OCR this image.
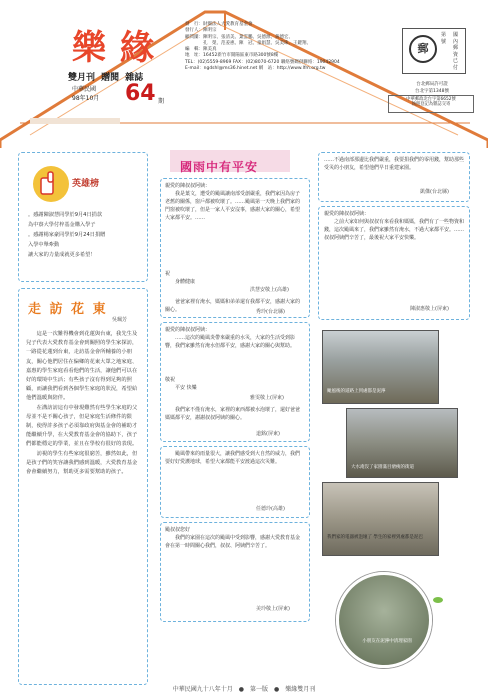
樂緣
雙月刊 贈閱 雜誌
中華民國
98年10月 64 期
發　行：財團法人大愛教育基金會
發行人：陳明宗
顧問團：陳明宗、張清美、葉雲鵬、吳德源、黃德宏、
　　　　孔　榮、范姜惠、陳　冠、童娟慧、吳美珠、王鍵翔、
編　輯：陳美真
地　址：16452新竹市開陽區東市路300號8樓
TEL：(02)5559-8969 FAX：(02)8070-6720 聯絡號碼供聯絡：19042904
E-mail：ngdshl@ms36.hinet.net 網　站：http://www.lfm.org.tw
郵
第 號
國內郵資已付
台北郵局許可證
台北字第1348號
中華郵政北台字第6652號
執照登記為雜誌交寄
英雄榜
。感謝陳淑慧同學於9月4日捐款
為中寮大學付梓基金購入學子
。感謝楊家豪同學於9月24日捐贈
入學中舉牽動
讓大家的力量成就更多希望！
走 訪 花 東
吳珮芳
　　這是一次難得機會到花蓮與台東，我先生及兒子代表大愛教育基金會到關照的學生家探訪，一路從花蓮到台東，走訪基金會所輔養的小朋友，關心他們居住在偏鄉的花東大眾之地家庭、嘉惠的學生家庭看看他們的生活，讓他們可以在好的環境中生活；有些孩子沒有得到足夠的照顧，而讓我們看到各個學生家庭的狀況，希望給他們溫暖與陪伴。
　　在溝訪訪這有中發現難然有些學生家庭的父母並不是不關心孩子，但是家庭生活條件的限制，使得許多孩子必須靠政府與基金會的補助才能繼續升學，在大愛教育基金會的協助下，孩子們都能穩定的學業，並且在學校有很好的表現。
　　訪視的學生有些家庭很窮苦，雖然如此，但是孩子們的笑容讓我們感到溫暖，大愛教育基金會會繼續努力，幫助更多需要幫助的孩子。
國雨中有平安
親愛的陳叔叔阿姨：
　　我是葉文，遭受的颱風讓南部受創嚴重，我們家因為房子老舊的關係，窗戶都被吹壞了。……颱風第一天晚上我們家的門窗被吹壞了，但是一家人平安沒事，感謝大家的關心，希望大家都平安。……
祝
　　身體健康
洪慧安敬上(高雄)
　　爸爸家裡有淹水，媽媽和弟弟還有我都平安，感謝大家的關心。	秀玲(台北縣)
親愛的陳叔叔阿姨：
　　……這次的颱風炎帶來嚴重的水災，大家的生活受到影響，我們家雖然有淹水但都平安，感謝大家的關心與幫助。
敬祝
　　平安 快樂
雅雯敬上(屏東)
　　我們家不僅有淹水，家裡的東西都被水泡壞了，還好爸爸媽媽都平安，謝謝叔叔阿姨的關心。
道銘(屏東)
　　颱風帶來的雨量很大，讓我們感受到大自然的威力，我們要好好愛護地球，希望大家都能平安渡過這次災難。
任德玲(高雄)
颱叔叔您好
　　我們的家園在這次的颱風中受到影響，感謝大愛教育基金會在第一時間關心我們，叔叔、阿姨們辛苦了。
美玲敬上(屏東)
……不過南部那邊比我們嚴重，我要捐我們的零用錢，幫助那些受災的小朋友，希望他們早日重建家園。
凱傑(台北縣)
親愛的陳叔叔阿姨：
　　之前大家如何與叔叔有來看我和媽媽，我們有了一些物資和錢，這次颱風來了，我們家雖然有淹水，不過大家都平安。……叔叔阿姨們辛苦了，最後祝大家平安快樂。
陳淑惠敬上(屏東)
颱風後的道路上到處都是泥濘
大水淹沒了家園滿目瘡痍的街道
我們家的電器被泡壞了 學生的家裡到處都是泥巴
小朋友在泥濘中清理家園
中華民國九十八年十月　●　第一版　●　樂緣雙月刊
